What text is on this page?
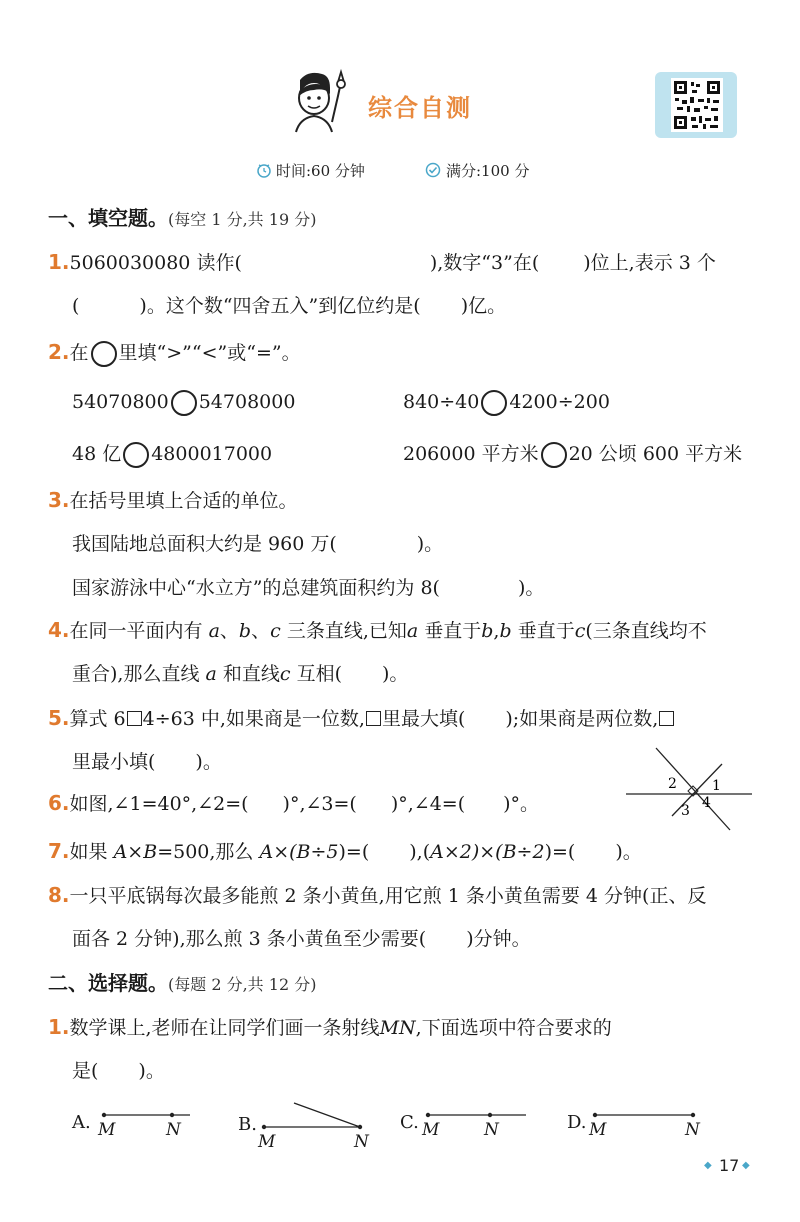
综合自测
时间:60 分钟	满分:100 分
一、填空题。(每空 1 分,共 19 分)
1.5060030080 读作(	),数字“3”在( )位上,表示 3 个
(	)。这个数“四舍五入”到亿位约是( )亿。
2.在 里填“>”“<”或“=”。
54070800 54708000	840÷40 4200÷200
48 亿 4800017000	206000 平方米 20 公顷 600 平方米
3.在括号里填上合适的单位。
我国陆地总面积大约是 960 万(	)。
国家游泳中心“水立方”的总建筑面积约为 8(	)。
4.在同一平面内有 a、b、c 三条直线,已知a 垂直于b,b 垂直于c(三条直线均不
重合),那么直线 a 和直线c 互相( )。
5.算式 6 4÷63 中,如果商是一位数, 里最大填( );如果商是两位数,
里最小填( )。
6.如图,∠1=40°,∠2=( )°,∠3=( )°,∠4=( )°。
1
2
3 4
7.如果 A×B=500,那么 A×(B÷5)=( ),(A×2)×(B÷2)=( )。
8.一只平底锅每次最多能煎 2 条小黄鱼,用它煎 1 条小黄鱼需要 4 分钟(正、反
面各 2 分钟),那么煎 3 条小黄鱼至少需要( )分钟。
二、选择题。(每题 2 分,共 12 分)
1.数学课上,老师在让同学们画一条射线MN,下面选项中符合要求的
是( )。
A. M	N	B.
M	N
C. M	N	D. M	N
◆ 17 ◆
